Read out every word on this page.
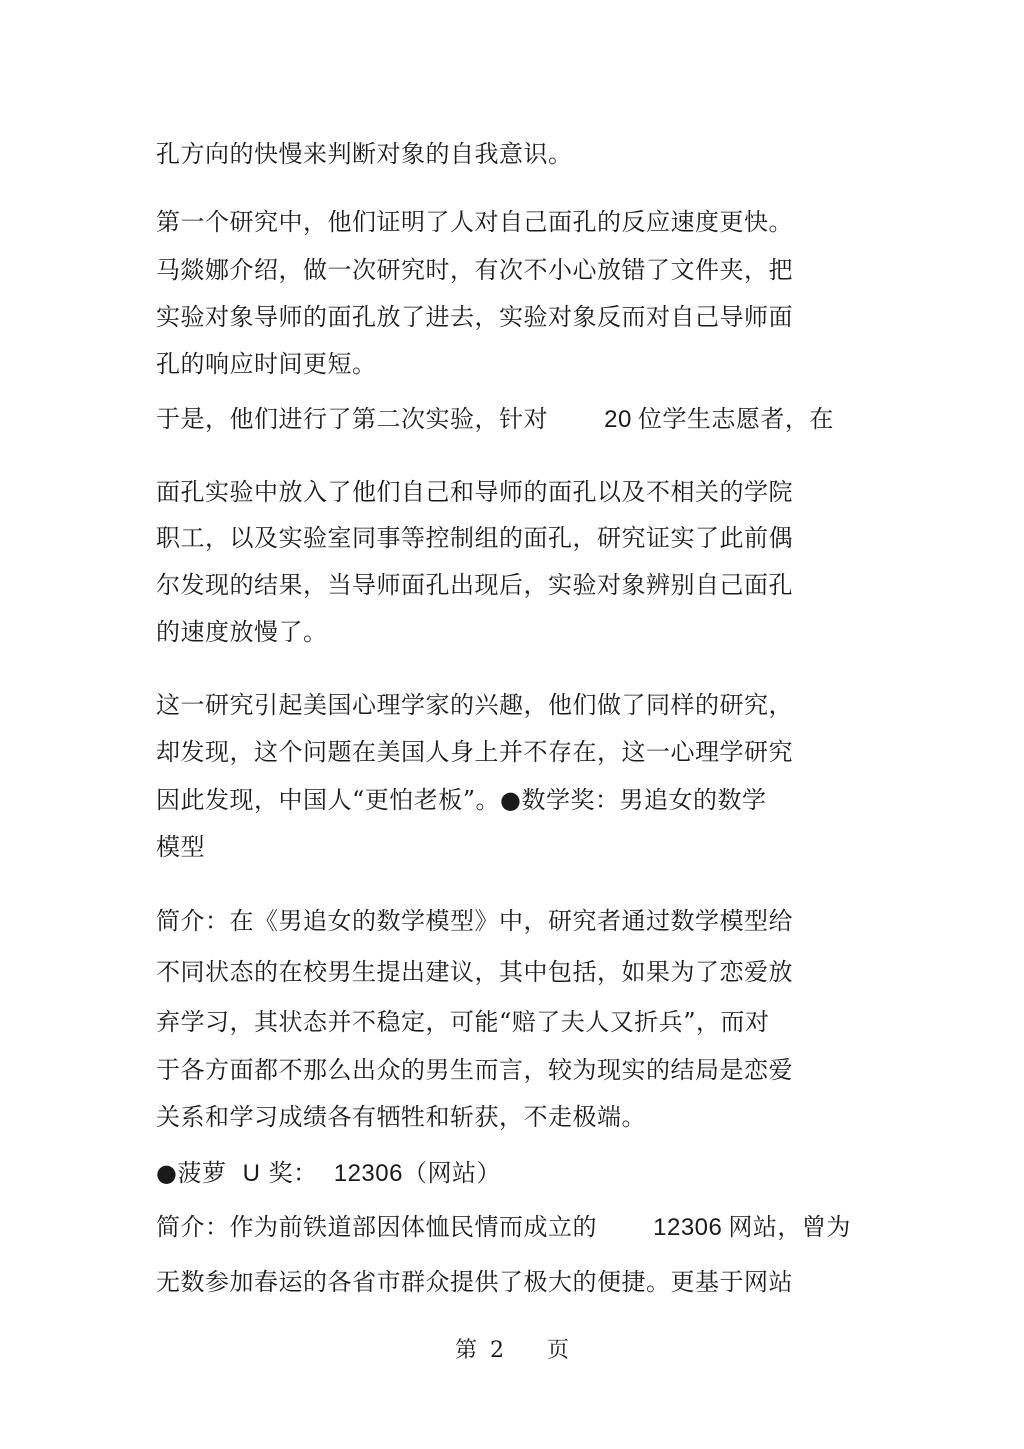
孔方向的快慢来判断对象的自我意识。
第一个研究中，他们证明了人对自己面孔的反应速度更快。
马燚娜介绍，做一次研究时，有次不小心放错了文件夹，把
实验对象导师的面孔放了进去，实验对象反而对自己导师面
孔的响应时间更短。
于是，他们进行了第二次实验，针对 20 位学生志愿者，在
面孔实验中放入了他们自己和导师的面孔以及不相关的学院
职工，以及实验室同事等控制组的面孔，研究证实了此前偶
尔发现的结果，当导师面孔出现后，实验对象辨别自己面孔
的速度放慢了。
这一研究引起美国心理学家的兴趣，他们做了同样的研究，
却发现，这个问题在美国人身上并不存在，这一心理学研究
因此发现，中国人“更怕老板”。●数学奖：男追女的数学
模型
简介：在《男追女的数学模型》中，研究者通过数学模型给
不同状态的在校男生提出建议，其中包括，如果为了恋爱放
弃学习，其状态并不稳定，可能“赔了夫人又折兵”，而对
于各方面都不那么出众的男生而言，较为现实的结局是恋爱
关系和学习成绩各有牺牲和斩获，不走极端。
●菠萝 U 奖： 12306（网站）
简介：作为前铁道部因体恤民情而成立的 12306 网站，曾为
无数参加春运的各省市群众提供了极大的便捷。更基于网站
第 2 页
